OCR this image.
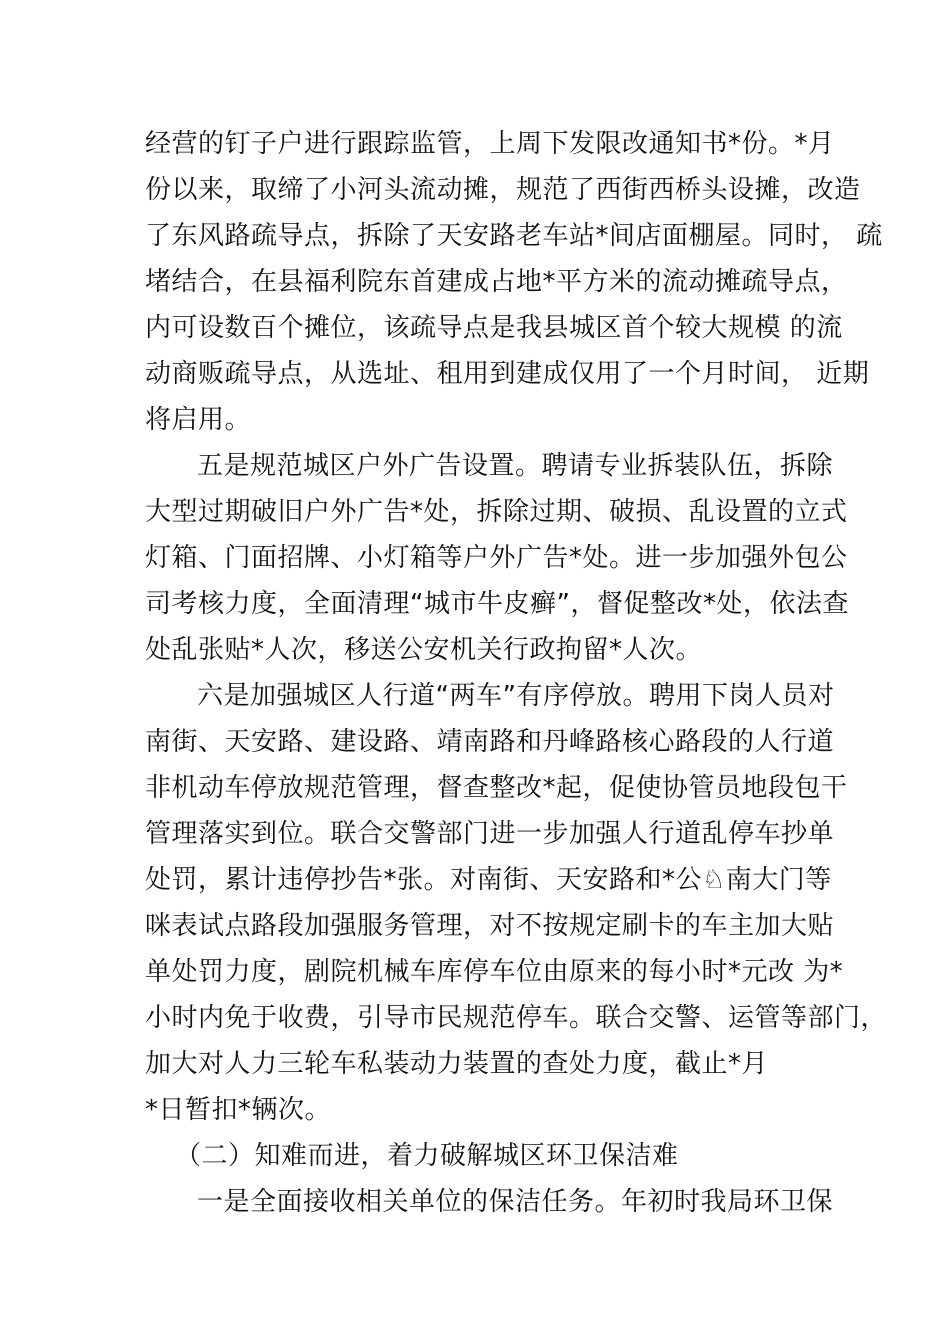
经营的钉子户进行跟踪监管，上周下发限改通知书*份。*月

份以来，取缔了小河头流动摊，规范了西街西桥头设摊，改造

了东风路疏导点，拆除了天安路老车站*间店面棚屋。同时， 疏

堵结合，在县福利院东首建成占地*平方米的流动摊疏导点，

内可设数百个摊位，该疏导点是我县城区首个较大规模 的流

动商贩疏导点，从选址、租用到建成仅用了一个月时间， 近期

将启用。

五是规范城区户外广告设置。聘请专业拆装队伍，拆除

大型过期破旧户外广告*处，拆除过期、破损、乱设置的立式

灯箱、门面招牌、小灯箱等户外广告*处。进一步加强外包公

司考核力度，全面清理“城市牛皮癣”，督促整改*处，依法查

处乱张贴*人次，移送公安机关行政拘留*人次。

六是加强城区人行道“两车”有序停放。聘用下岗人员对

南街、天安路、建设路、靖南路和丹峰路核心路段的人行道

非机动车停放规范管理，督查整改*起，促使协管员地段包干

管理落实到位。联合交警部门进一步加强人行道乱停车抄单

处罚，累计违停抄告*张。对南街、天安路和*公♘南大门等

咪表试点路段加强服务管理，对不按规定刷卡的车主加大贴

单处罚力度，剧院机械车库停车位由原来的每小时*元改 为*

小时内免于收费，引导市民规范停车。联合交警、运管等部门，

加大对人力三轮车私装动力装置的查处力度，截止*月

*日暂扣*辆次。

（二）知难而进，着力破解城区环卫保洁难

一是全面接收相关单位的保洁任务。年初时我局环卫保
